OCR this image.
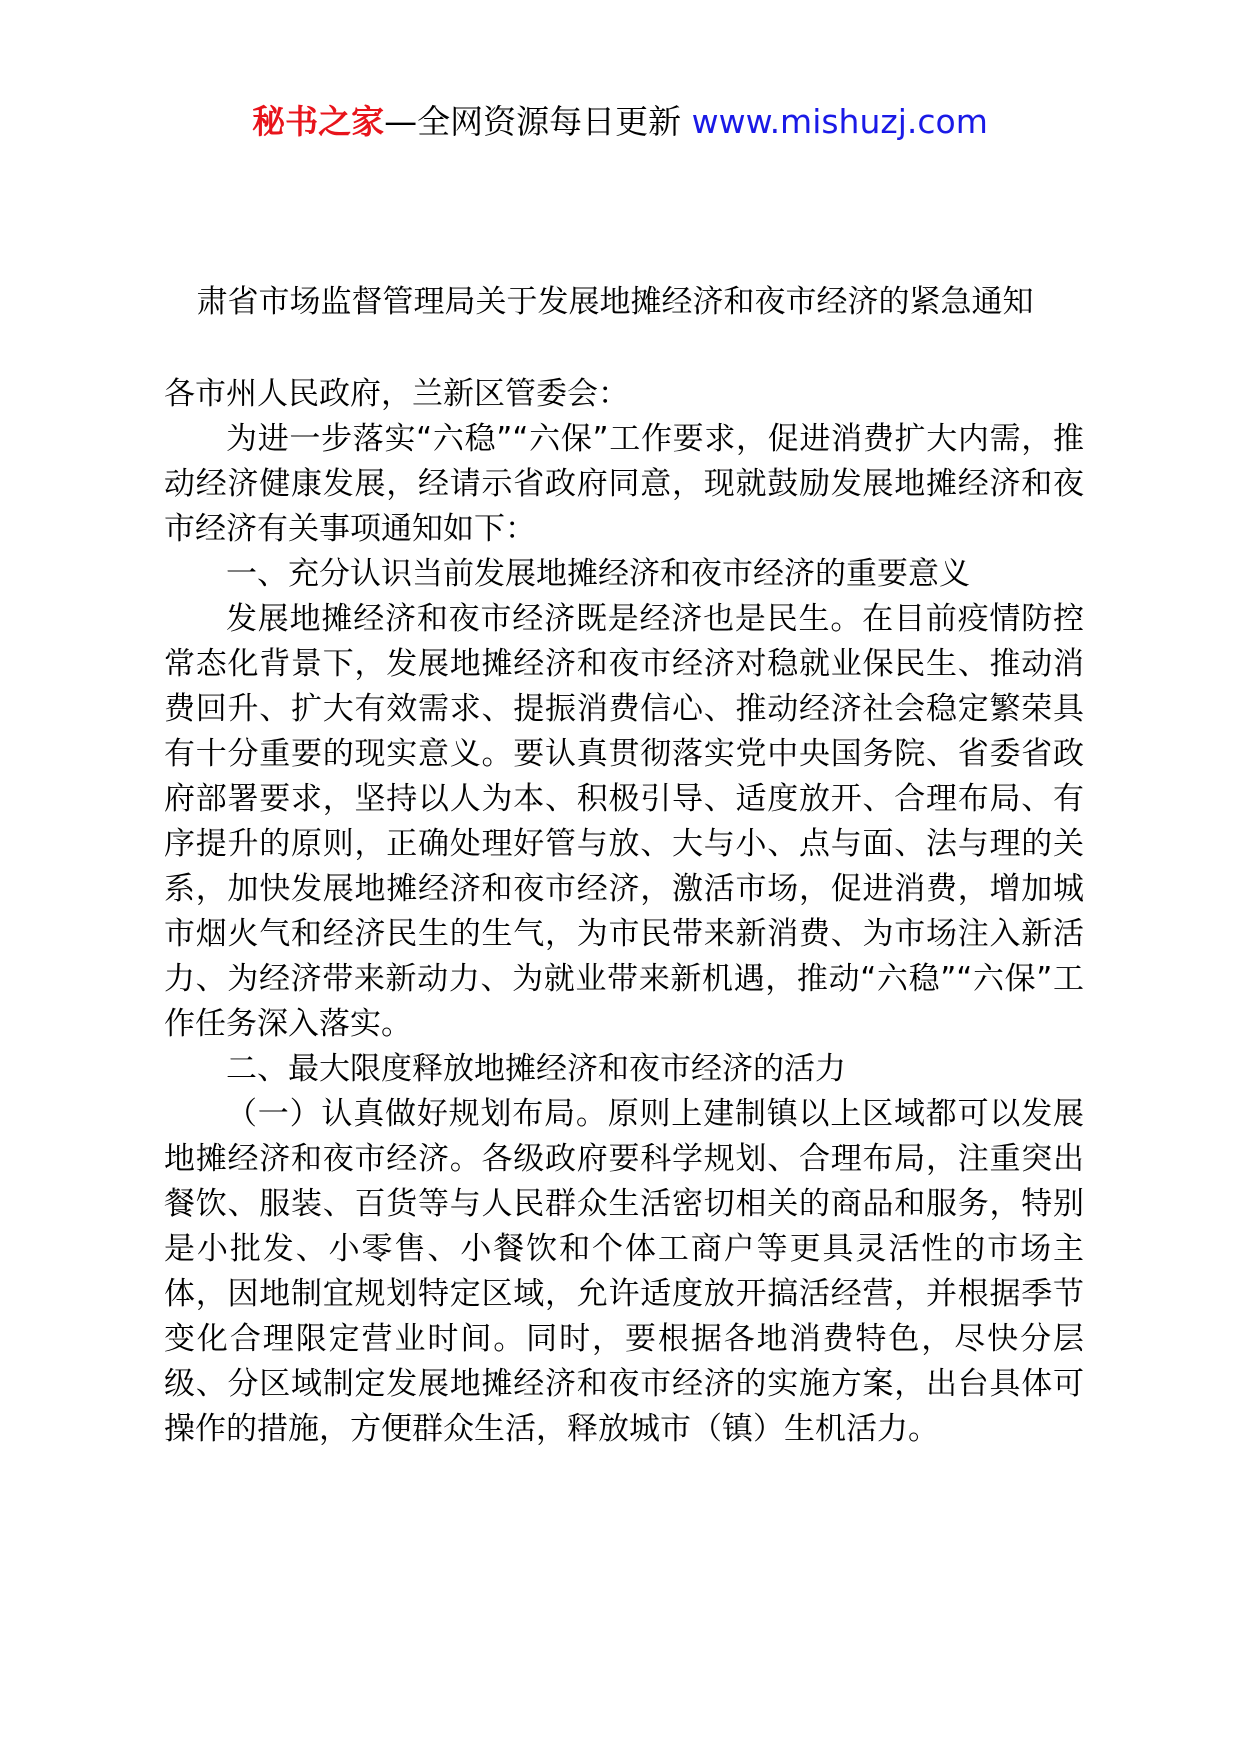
秘书之家—全网资源每日更新 www.mishuzj.com
肃省市场监督管理局关于发展地摊经济和夜市经济的紧急通知

各市州人民政府，兰新区管委会：

为进一步落实“六稳”“六保”工作要求，促进消费扩大内需，推动经济健康发展，经请示省政府同意，现就鼓励发展地摊经济和夜市经济有关事项通知如下：

一、充分认识当前发展地摊经济和夜市经济的重要意义

发展地摊经济和夜市经济既是经济也是民生。在目前疫情防控常态化背景下，发展地摊经济和夜市经济对稳就业保民生、推动消费回升、扩大有效需求、提振消费信心、推动经济社会稳定繁荣具有十分重要的现实意义。要认真贯彻落实党中央国务院、省委省政府部署要求，坚持以人为本、积极引导、适度放开、合理布局、有序提升的原则，正确处理好管与放、大与小、点与面、法与理的关系，加快发展地摊经济和夜市经济，激活市场，促进消费，增加城市烟火气和经济民生的生气，为市民带来新消费、为市场注入新活力、为经济带来新动力、为就业带来新机遇，推动“六稳”“六保”工作任务深入落实。

二、最大限度释放地摊经济和夜市经济的活力

（一）认真做好规划布局。原则上建制镇以上区域都可以发展地摊经济和夜市经济。各级政府要科学规划、合理布局，注重突出餐饮、服装、百货等与人民群众生活密切相关的商品和服务，特别是小批发、小零售、小餐饮和个体工商户等更具灵活性的市场主体，因地制宜规划特定区域，允许适度放开搞活经营，并根据季节变化合理限定营业时间。同时，要根据各地消费特色，尽快分层级、分区域制定发展地摊经济和夜市经济的实施方案，出台具体可操作的措施，方便群众生活，释放城市（镇）生机活力。
